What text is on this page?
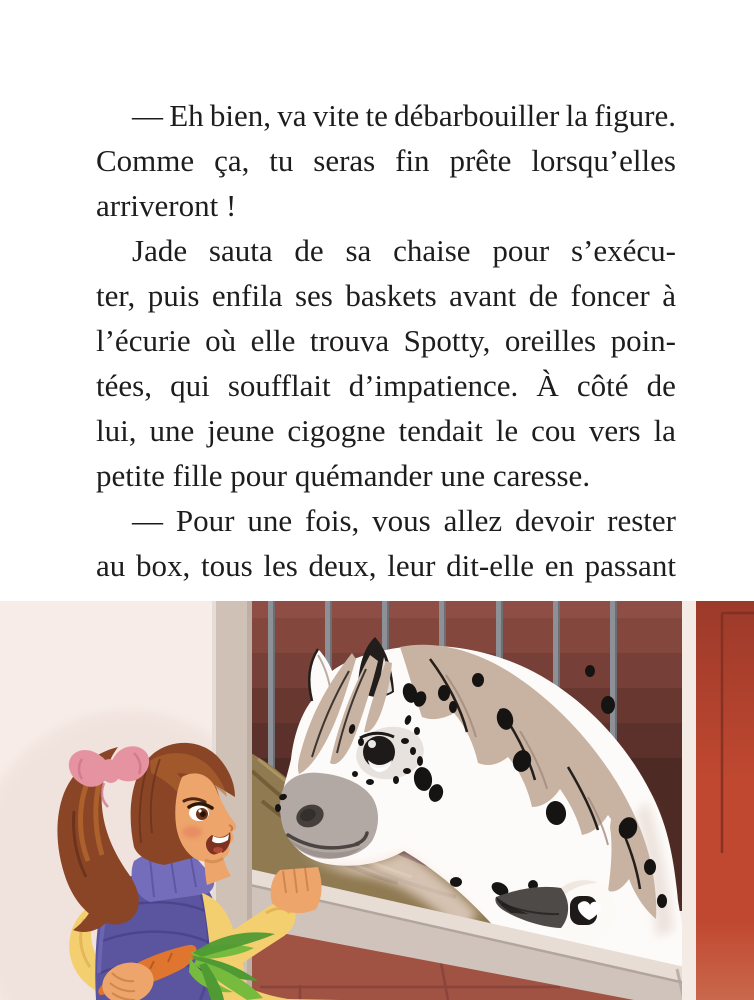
— Eh bien, va vite te débarbouiller la figure.
Comme ça, tu seras fin prête lorsqu’elles
arriveront !
Jade sauta de sa chaise pour s’exécu-
ter, puis enfila ses baskets avant de foncer à
l’écurie où elle trouva Spotty, oreilles poin-
tées, qui soufflait d’impatience. À côté de
lui, une jeune cigogne tendait le cou vers la
petite fille pour quémander une caresse.
— Pour une fois, vous allez devoir rester
au box, tous les deux, leur dit-elle en passant
